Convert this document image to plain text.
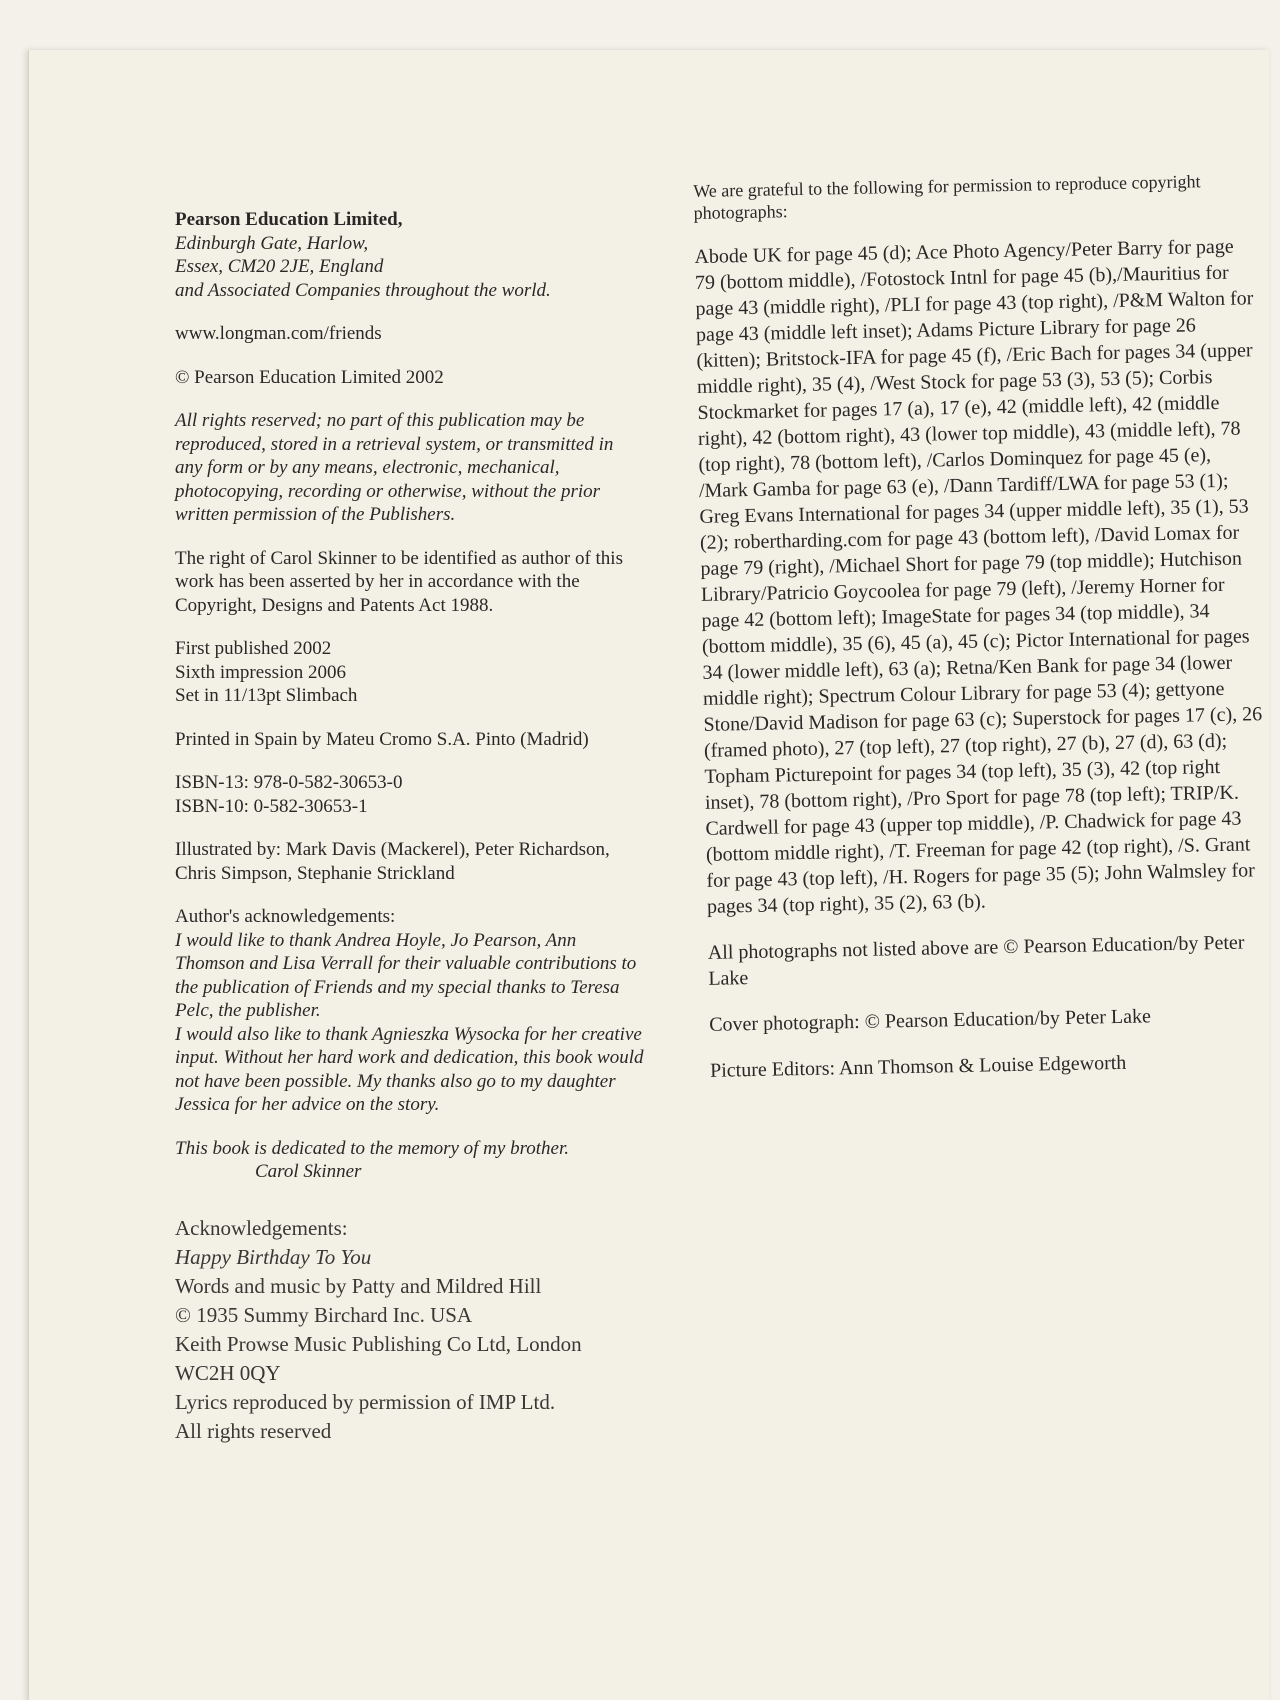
Pearson Education Limited,

Edinburgh Gate, Harlow,

Essex, CM20 2JE, England

and Associated Companies throughout the world.

www.longman.com/friends

© Pearson Education Limited 2002

All rights reserved; no part of this publication may be reproduced, stored in a retrieval system, or transmitted in any form or by any means, electronic, mechanical, photocopying, recording or otherwise, without the prior written permission of the Publishers.

The right of Carol Skinner to be identified as author of this work has been asserted by her in accordance with the Copyright, Designs and Patents Act 1988.

First published 2002

Sixth impression 2006

Set in 11/13pt Slimbach

Printed in Spain by Mateu Cromo S.A. Pinto (Madrid)

ISBN-13: 978-0-582-30653-0

ISBN-10: 0-582-30653-1

Illustrated by: Mark Davis (Mackerel), Peter Richardson, Chris Simpson, Stephanie Strickland

Author's acknowledgements:

I would like to thank Andrea Hoyle, Jo Pearson, Ann Thomson and Lisa Verrall for their valuable contributions to the publication of Friends and my special thanks to Teresa Pelc, the publisher.

I would also like to thank Agnieszka Wysocka for her creative input. Without her hard work and dedication, this book would not have been possible. My thanks also go to my daughter Jessica for her advice on the story.

This book is dedicated to the memory of my brother.

Carol Skinner

Acknowledgements:

Happy Birthday To You

Words and music by Patty and Mildred Hill

© 1935 Summy Birchard Inc. USA

Keith Prowse Music Publishing Co Ltd, London

WC2H 0QY

Lyrics reproduced by permission of IMP Ltd.

All rights reserved

We are grateful to the following for permission to reproduce copyright photographs:

Abode UK for page 45 (d); Ace Photo Agency/Peter Barry for page 79 (bottom middle), /Fotostock Intnl for page 45 (b),/Mauritius for page 43 (middle right), /PLI for page 43 (top right), /P&M Walton for page 43 (middle left inset); Adams Picture Library for page 26 (kitten); Britstock-IFA for page 45 (f), /Eric Bach for pages 34 (upper middle right), 35 (4), /West Stock for page 53 (3), 53 (5); Corbis Stockmarket for pages 17 (a), 17 (e), 42 (middle left), 42 (middle right), 42 (bottom right), 43 (lower top middle), 43 (middle left), 78 (top right), 78 (bottom left), /Carlos Dominquez for page 45 (e), /Mark Gamba for page 63 (e), /Dann Tardiff/LWA for page 53 (1); Greg Evans International for pages 34 (upper middle left), 35 (1), 53 (2); robertharding.com for page 43 (bottom left), /David Lomax for page 79 (right), /Michael Short for page 79 (top middle); Hutchison Library/Patricio Goycoolea for page 79 (left), /Jeremy Horner for page 42 (bottom left); ImageState for pages 34 (top middle), 34 (bottom middle), 35 (6), 45 (a), 45 (c); Pictor International for pages 34 (lower middle left), 63 (a); Retna/Ken Bank for page 34 (lower middle right); Spectrum Colour Library for page 53 (4); gettyone Stone/David Madison for page 63 (c); Superstock for pages 17 (c), 26 (framed photo), 27 (top left), 27 (top right), 27 (b), 27 (d), 63 (d); Topham Picturepoint for pages 34 (top left), 35 (3), 42 (top right inset), 78 (bottom right), /Pro Sport for page 78 (top left); TRIP/K. Cardwell for page 43 (upper top middle), /P. Chadwick for page 43 (bottom middle right), /T. Freeman for page 42 (top right), /S. Grant for page 43 (top left), /H. Rogers for page 35 (5); John Walmsley for pages 34 (top right), 35 (2), 63 (b).

All photographs not listed above are © Pearson Education/by Peter Lake

Cover photograph: © Pearson Education/by Peter Lake

Picture Editors: Ann Thomson & Louise Edgeworth
